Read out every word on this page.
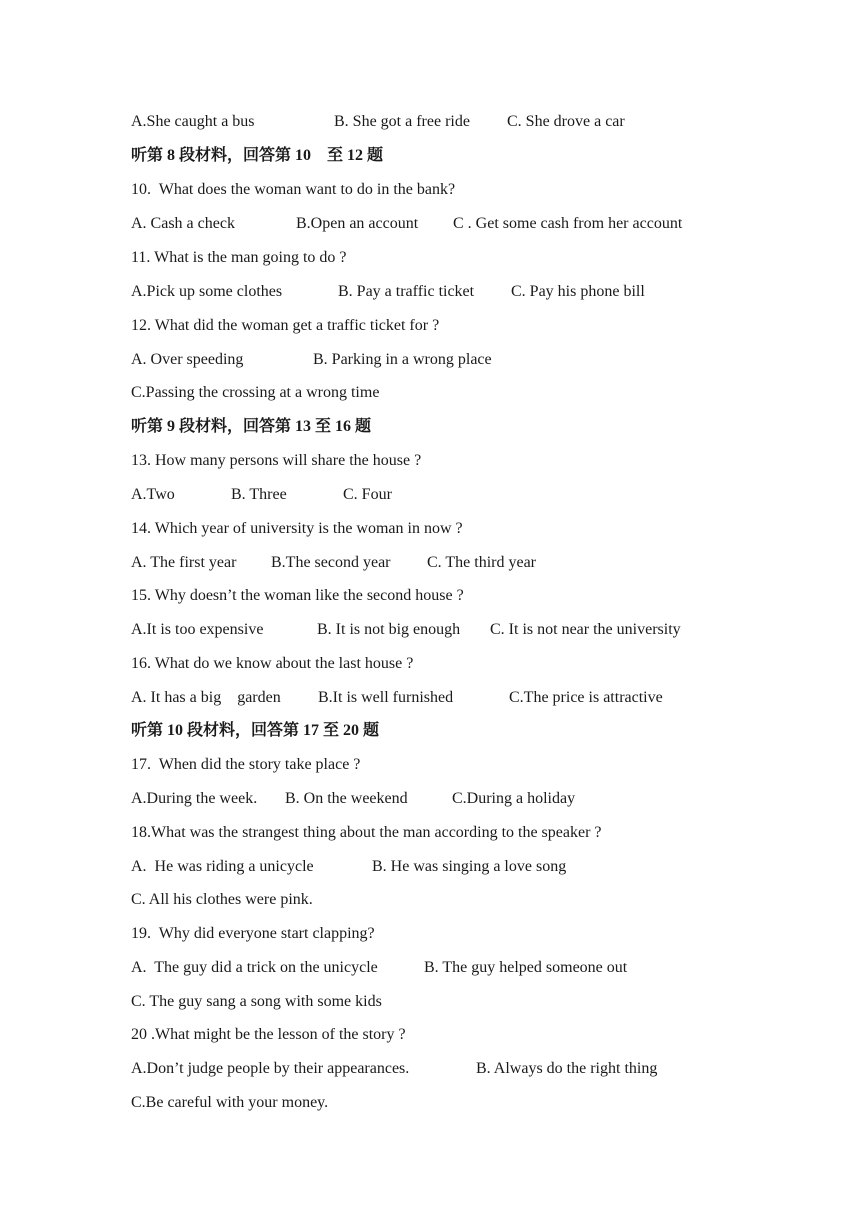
A.She caught a bus

	B. She got a free ride

C. She drove a car

听第 8 段材料，回答第 10　至 12 题
10.  What does the woman want to do in the bank?

A. Cash a check

	B.Open an account

C . Get some cash from her account

11. What is the man going to do ?

A.Pick up some clothes

	B. Pay a traffic ticket

C. Pay his phone bill

12. What did the woman get a traffic ticket for ?

A. Over speeding

	B. Parking in a wrong place

C.Passing the crossing at a wrong time
听第 9 段材料，回答第 13 至 16 题
13. How many persons will share the house ?

A.Two

	B. Three

	C. Four

14. Which year of university is the woman in now ?

A. The first year

B.The second year

C. The third year

15. Why doesn’t the woman like the second house ?

A.It is too expensive

	B. It is not big enough

C. It is not near the university

16. What do we know about the last house ?

A. It has a big    garden

B.It is well furnished

	C.The price is attractive

听第 10 段材料，回答第 17 至 20 题
17.  When did the story take place ?

A.During the week.

B. On the weekend

	C.During a holiday

18.What was the strangest thing about the man according to the speaker ?

A.  He was riding a unicycle

	B. He was singing a love song

C. All his clothes were pink.
19.  Why did everyone start clapping?

A.  The guy did a trick on the unicycle

	B. The guy helped someone out

C. The guy sang a song with some kids
20 .What might be the lesson of the story ?

A.Don’t judge people by their appearances.

	B. Always do the right thing

C.Be careful with your money.
